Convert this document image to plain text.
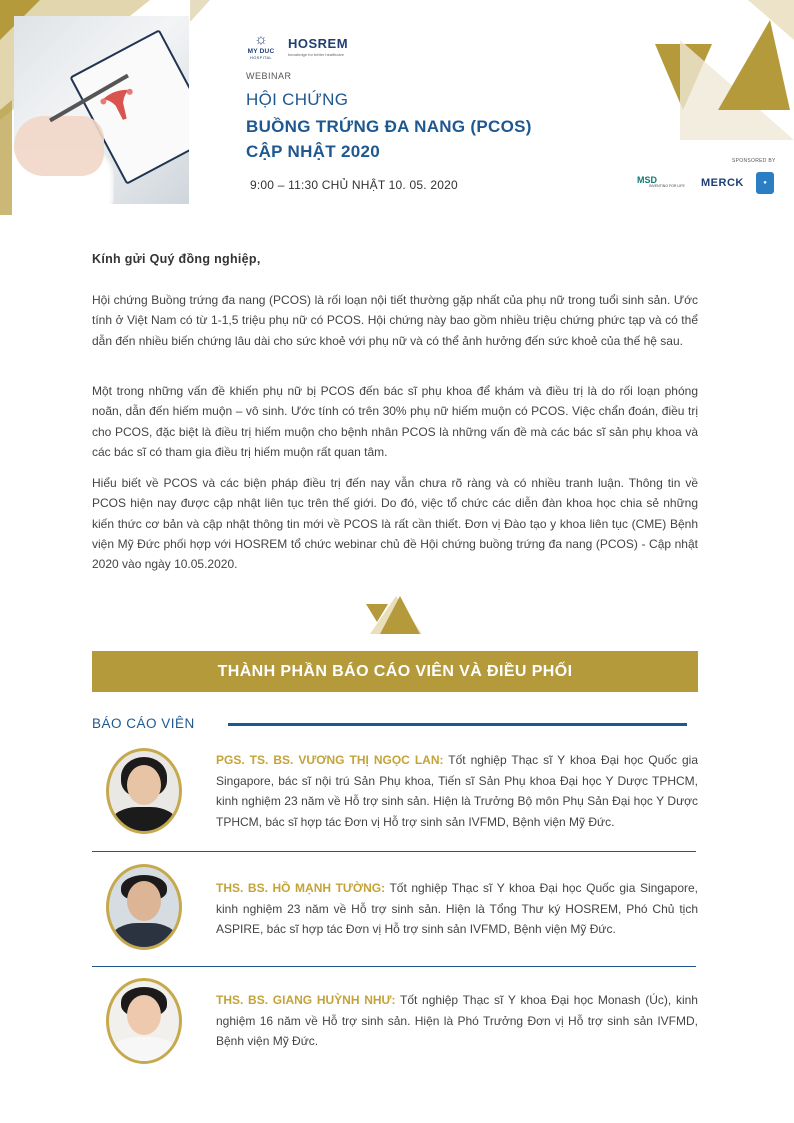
☼
MY DUC
HOSPITAL
HOSREM
knowledge for better healthcare
WEBINAR
HỘI CHỨNG
BUỒNG TRỨNG ĐA NANG (PCOS)
CẬP NHẬT 2020
9:00 – 11:30 CHỦ NHẬT 10. 05. 2020
SPONSORED BY
MSD
INVENTING FOR LIFE MERCK	●
Kính gửi Quý đồng nghiệp,
Hội chứng Buồng trứng đa nang (PCOS) là rối loạn nội tiết thường gặp nhất của phụ nữ trong tuổi sinh sản. Ước tính ở Việt Nam có từ 1-1,5 triệu phụ nữ có PCOS. Hội chứng này bao gồm nhiều triệu chứng phức tạp và có thể dẫn đến nhiều biến chứng lâu dài cho sức khoẻ với phụ nữ và có thể ảnh hưởng đến sức khoẻ của thế hệ sau.
Một trong những vấn đề khiến phụ nữ bị PCOS đến bác sĩ phụ khoa để khám và điều trị là do rối loạn phóng noãn, dẫn đến hiếm muộn – vô sinh. Ước tính có trên 30% phụ nữ hiếm muộn có PCOS. Việc chẩn đoán, điều trị cho PCOS, đặc biệt là điều trị hiếm muộn cho bệnh nhân PCOS là những vấn đề mà các bác sĩ sản phụ khoa và các bác sĩ có tham gia điều trị hiếm muộn rất quan tâm.
Hiểu biết về PCOS và các biện pháp điều trị đến nay vẫn chưa rõ ràng và có nhiều tranh luận. Thông tin về PCOS hiện nay được cập nhật liên tục trên thế giới. Do đó, việc tổ chức các diễn đàn khoa học chia sẻ những kiến thức cơ bản và cập nhật thông tin mới về PCOS là rất cần thiết. Đơn vị Đào tạo y khoa liên tục (CME) Bệnh viện Mỹ Đức phối hợp với HOSREM tổ chức webinar chủ đề Hội chứng buồng trứng đa nang (PCOS) - Cập nhật 2020 vào ngày 10.05.2020.
THÀNH PHẦN BÁO CÁO VIÊN VÀ ĐIỀU PHỐI
BÁO CÁO VIÊN
PGS. TS. BS. VƯƠNG THỊ NGỌC LAN: Tốt nghiệp Thạc sĩ Y khoa Đại học Quốc gia Singapore, bác sĩ nội trú Sản Phụ khoa, Tiến sĩ Sản Phụ khoa Đại học Y Dược TPHCM, kinh nghiệm 23 năm về Hỗ trợ sinh sản. Hiện là Trưởng Bộ môn Phụ Sản Đại học Y Dược TPHCM, bác sĩ hợp tác Đơn vị Hỗ trợ sinh sản IVFMD, Bệnh viện Mỹ Đức.
THS. BS. HỒ MẠNH TƯỜNG: Tốt nghiệp Thạc sĩ Y khoa Đại học Quốc gia Singapore, kinh nghiệm 23 năm về Hỗ trợ sinh sản. Hiện là Tổng Thư ký HOSREM, Phó Chủ tịch ASPIRE, bác sĩ hợp tác Đơn vị Hỗ trợ sinh sản IVFMD, Bệnh viện Mỹ Đức.
THS. BS. GIANG HUỲNH NHƯ: Tốt nghiệp Thạc sĩ Y khoa Đại học Monash (Úc), kinh nghiệm 16 năm về Hỗ trợ sinh sản. Hiện là Phó Trưởng Đơn vị Hỗ trợ sinh sản IVFMD, Bệnh viện Mỹ Đức.
